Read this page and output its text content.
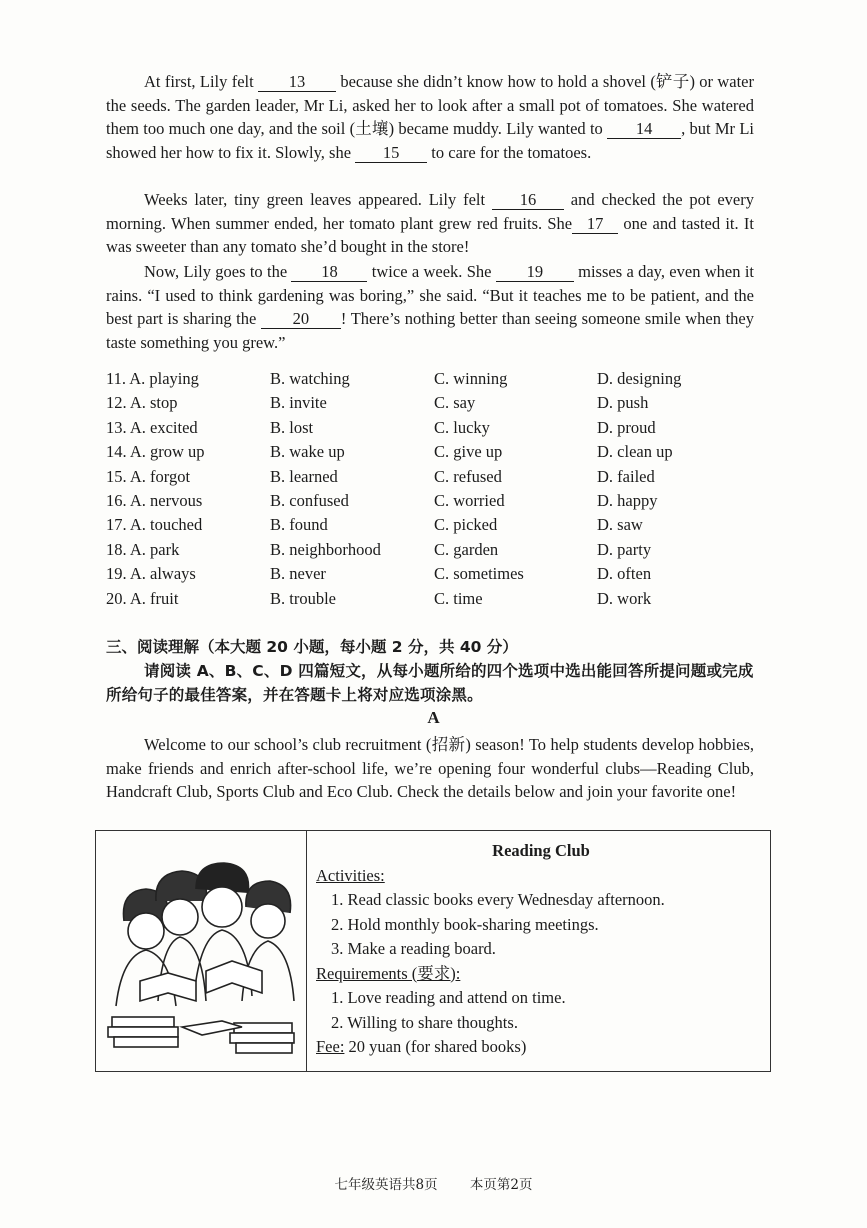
At first, Lily felt 13 because she didn’t know how to hold a shovel (铲子) or water the seeds. The garden leader, Mr Li, asked her to look after a small pot of tomatoes. She watered them too much one day, and the soil (土壤) became muddy. Lily wanted to 14 , but Mr Li showed her how to fix it. Slowly, she 15 to care for the tomatoes.

Weeks later, tiny green leaves appeared. Lily felt 16 and checked the pot every morning. When summer ended, her tomato plant grew red fruits. She 17 one and tasted it. It was sweeter than any tomato she’d bought in the store!

Now, Lily goes to the 18 twice a week. She 19 misses a day, even when it rains. “I used to think gardening was boring,” she said. “But it teaches me to be patient, and the best part is sharing the 20 ! There’s nothing better than seeing someone smile when they taste something you grew.”

11. A. playing	B. watching	C. winning	D. designing
12. A. stop	B. invite	C. say	D. push
13. A. excited	B. lost	C. lucky	D. proud
14. A. grow up	B. wake up	C. give up	D. clean up
15. A. forgot	B. learned	C. refused	D. failed
16. A. nervous	B. confused	C. worried	D. happy
17. A. touched	B. found	C. picked	D. saw
18. A. park	B. neighborhood	C. garden	D. party
19. A. always	B. never	C. sometimes	D. often
20. A. fruit	B. trouble	C. time	D. work

三、阅读理解（本大题 20 小题，每小题 2 分，共 40 分）

请阅读 A、B、C、D 四篇短文，从每小题所给的四个选项中选出能回答所提问题或完成所给句子的最佳答案，并在答题卡上将对应选项涂黑。

A

Welcome to our school’s club recruitment (招新) season! To help students develop hobbies, make friends and enrich after-school life, we’re opening four wonderful clubs—Reading Club, Handcraft Club, Sports Club and Eco Club. Check the details below and join your favorite one!

Reading Club
Activities:
1. Read classic books every Wednesday afternoon.
2. Hold monthly book-sharing meetings.
3. Make a reading board.
Requirements (要求):
1. Love reading and attend on time.
2. Willing to share thoughts.
Fee: 20 yuan (for shared books)
七年级英语共8页 本页第2页
